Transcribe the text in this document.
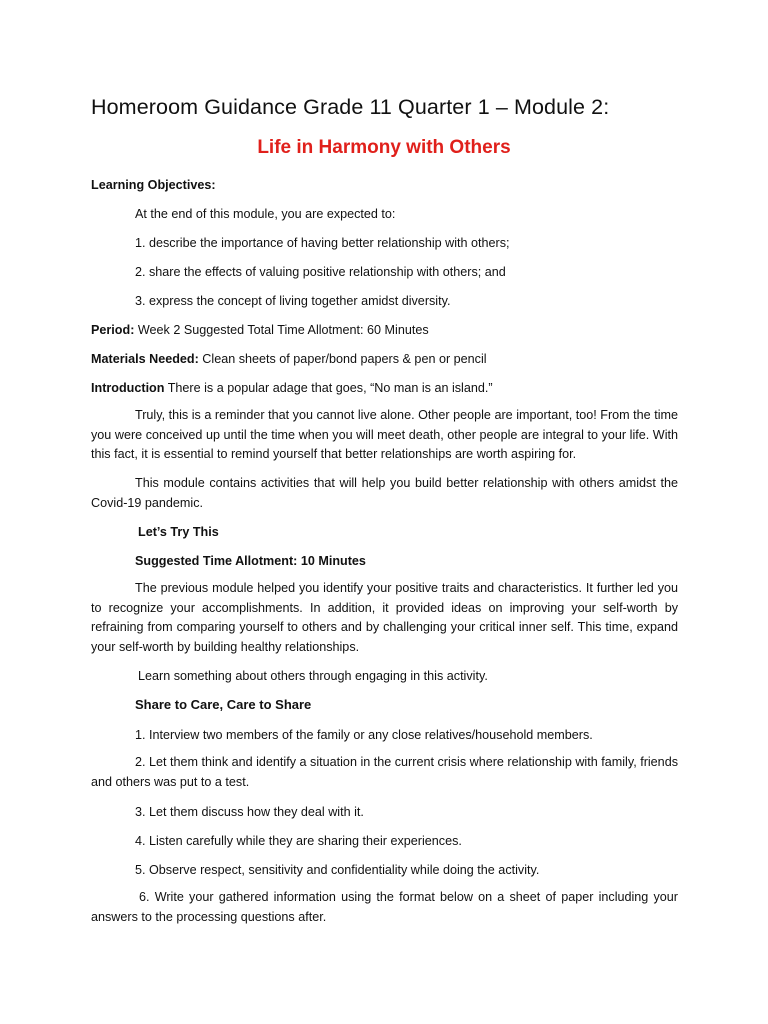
Homeroom Guidance Grade 11 Quarter 1 – Module 2:
Life in Harmony with Others
Learning Objectives:
At the end of this module, you are expected to:
1. describe the importance of having better relationship with others;
2. share the effects of valuing positive relationship with others; and
3. express the concept of living together amidst diversity.
Period: Week 2 Suggested Total Time Allotment: 60 Minutes
Materials Needed: Clean sheets of paper/bond papers & pen or pencil
Introduction There is a popular adage that goes, “No man is an island.”
Truly, this is a reminder that you cannot live alone. Other people are important, too! From the time you were conceived up until the time when you will meet death, other people are integral to your life. With this fact, it is essential to remind yourself that better relationships are worth aspiring for.
This module contains activities that will help you build better relationship with others amidst the Covid-19 pandemic.
Let’s Try This
Suggested Time Allotment: 10 Minutes
The previous module helped you identify your positive traits and characteristics. It further led you to recognize your accomplishments. In addition, it provided ideas on improving your self-worth by refraining from comparing yourself to others and by challenging your critical inner self. This time, expand your self-worth by building healthy relationships.
Learn something about others through engaging in this activity.
Share to Care, Care to Share
1. Interview two members of the family or any close relatives/household members.
2. Let them think and identify a situation in the current crisis where relationship with family, friends and others was put to a test.
3. Let them discuss how they deal with it.
4. Listen carefully while they are sharing their experiences.
5. Observe respect, sensitivity and confidentiality while doing the activity.
6. Write your gathered information using the format below on a sheet of paper including your answers to the processing questions after.
